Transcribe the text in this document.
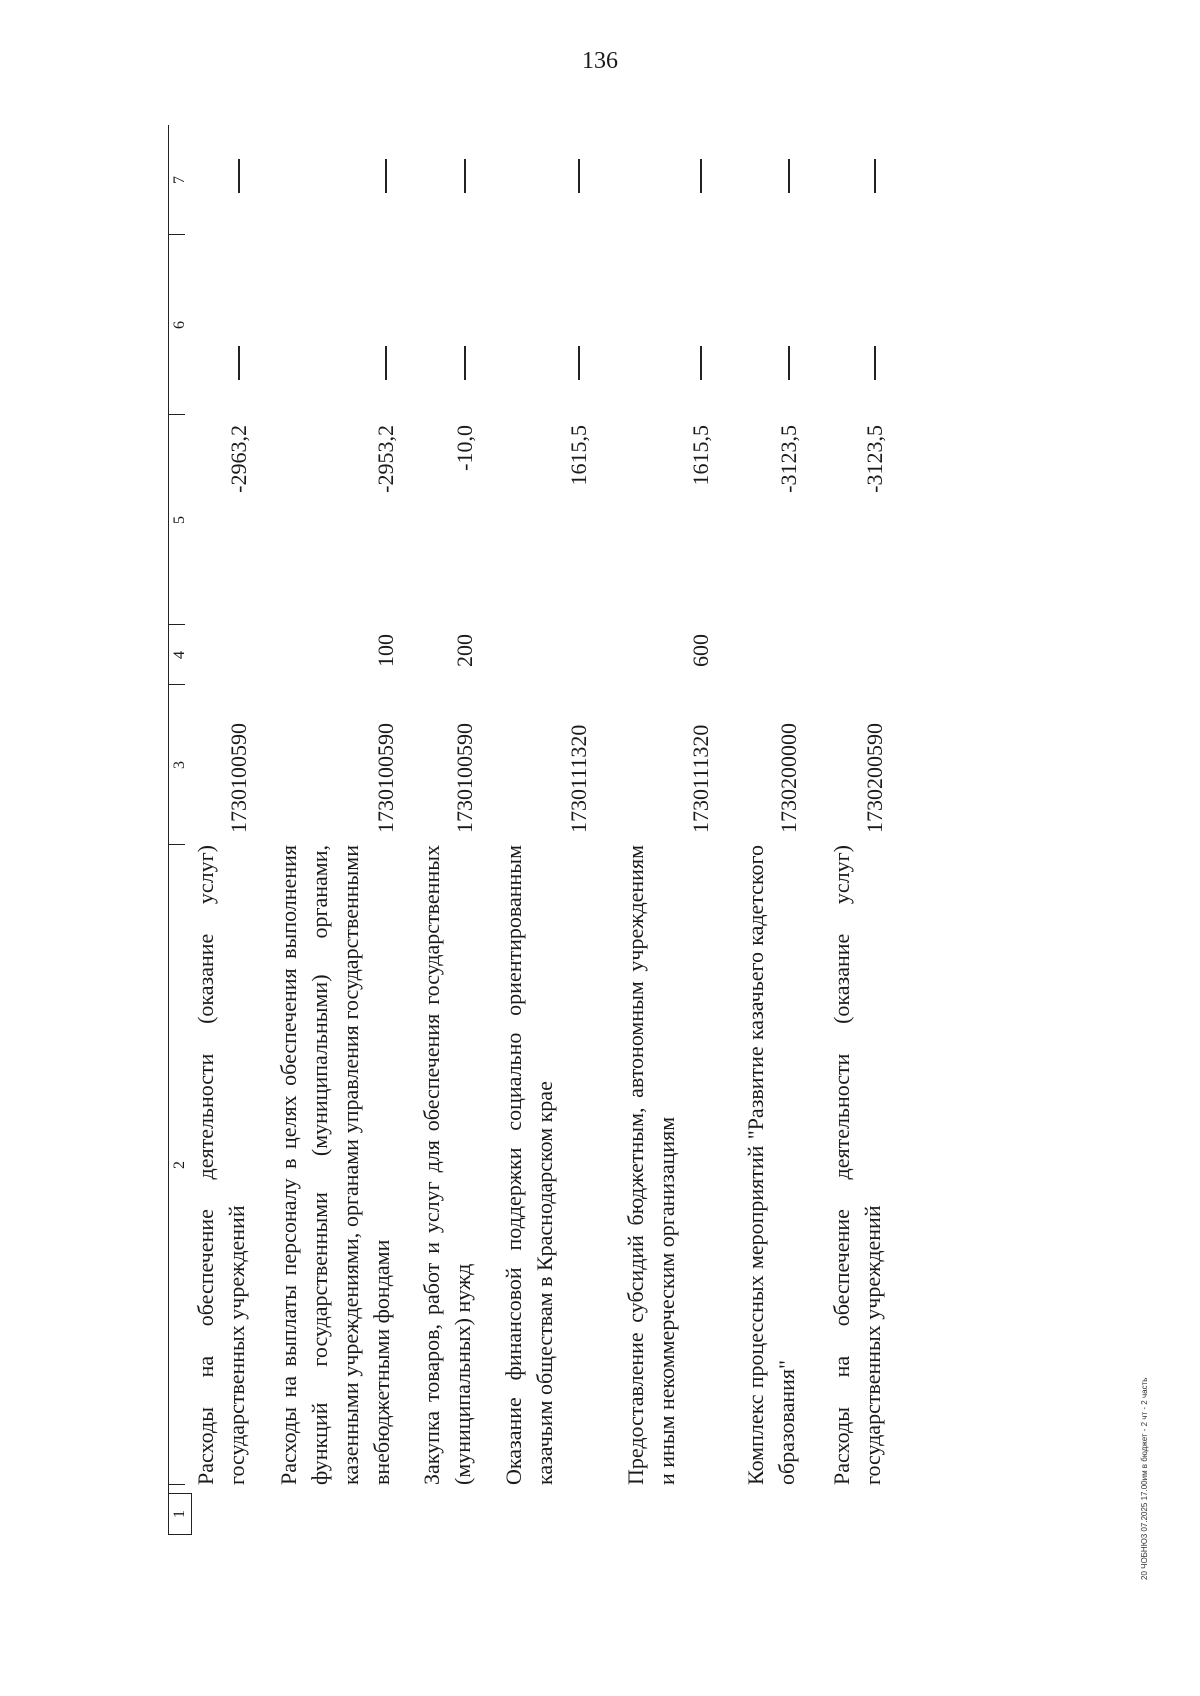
136
1
2
3
4
5
6
7
Расходы на обеспечение деятельности (оказание услуг) государственных учреждений
1730100590
-2963,2
Расходы на выплаты персоналу в целях обеспечения выполнения функций государственными (муниципальными) органами, казенными учреждениями, органами управления государственными внебюджетными фондами
1730100590
100
-2953,2
Закупка товаров, работ и услуг для обеспечения государственных (муниципальных) нужд
1730100590
200
-10,0
Оказание финансовой поддержки социально ориентированным казачьим обществам в Краснодарском крае
1730111320
1615,5
Предоставление субсидий бюджетным, автономным учреждениям и иным некоммерческим организациям
1730111320
600
1615,5
Комплекс процессных мероприятий "Развитие казачьего кадетского образования"
1730200000
-3123,5
Расходы на обеспечение деятельности (оказание услуг) государственных учреждений
1730200590
-3123,5
20 ЧОБНЮ3 07.2025 17.00им в бюджет - 2 чт - 2 часть
